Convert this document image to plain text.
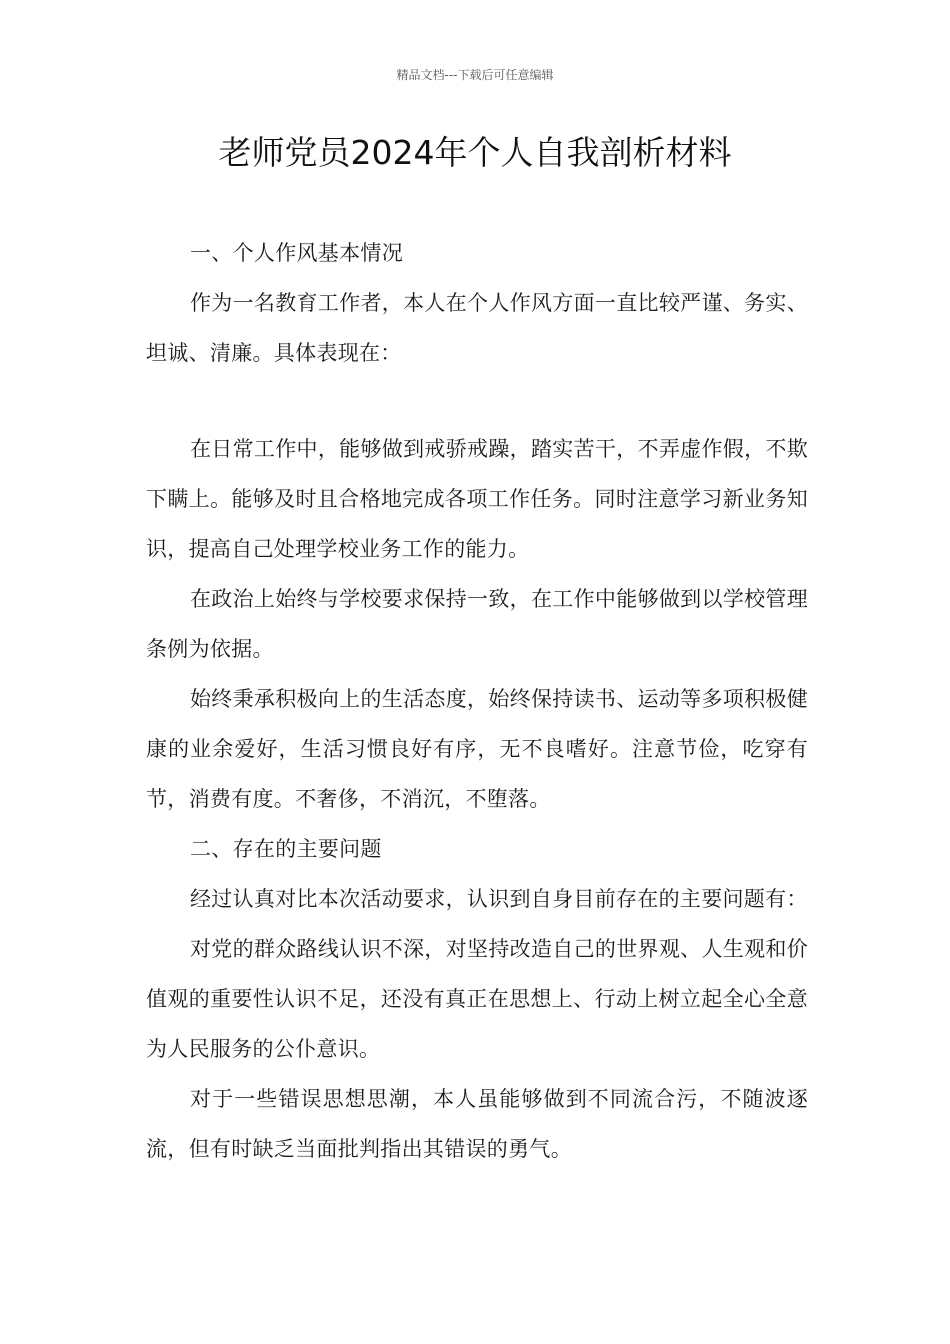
精品文档---下载后可任意编辑
老师党员2024年个人自我剖析材料

一、个人作风基本情况

作为一名教育工作者，本人在个人作风方面一直比较严谨、务实、坦诚、清廉。具体表现在：

在日常工作中，能够做到戒骄戒躁，踏实苦干，不弄虚作假，不欺下瞒上。能够及时且合格地完成各项工作任务。同时注意学习新业务知识，提高自己处理学校业务工作的能力。

在政治上始终与学校要求保持一致，在工作中能够做到以学校管理条例为依据。

始终秉承积极向上的生活态度，始终保持读书、运动等多项积极健康的业余爱好，生活习惯良好有序，无不良嗜好。注意节俭，吃穿有节，消费有度。不奢侈，不消沉，不堕落。

二、存在的主要问题

经过认真对比本次活动要求，认识到自身目前存在的主要问题有：

对党的群众路线认识不深，对坚持改造自己的世界观、人生观和价值观的重要性认识不足，还没有真正在思想上、行动上树立起全心全意为人民服务的公仆意识。

对于一些错误思想思潮，本人虽能够做到不同流合污，不随波逐流，但有时缺乏当面批判指出其错误的勇气。
